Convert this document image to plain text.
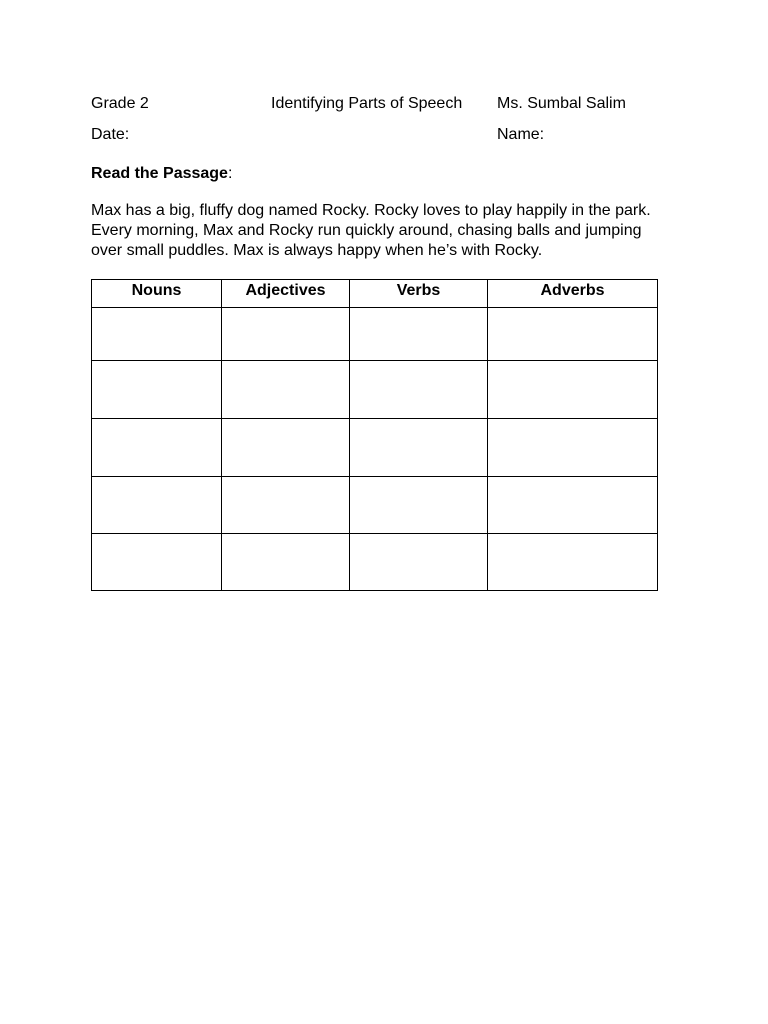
Grade 2	Identifying Parts of Speech Ms. Sumbal Salim
Date:	Name:
Read the Passage:
Max has a big, fluffy dog named Rocky. Rocky loves to play happily in the park.
Every morning, Max and Rocky run quickly around, chasing balls and jumping
over small puddles. Max is always happy when he’s with Rocky.
Nouns	Adjectives	Verbs	Adverbs
